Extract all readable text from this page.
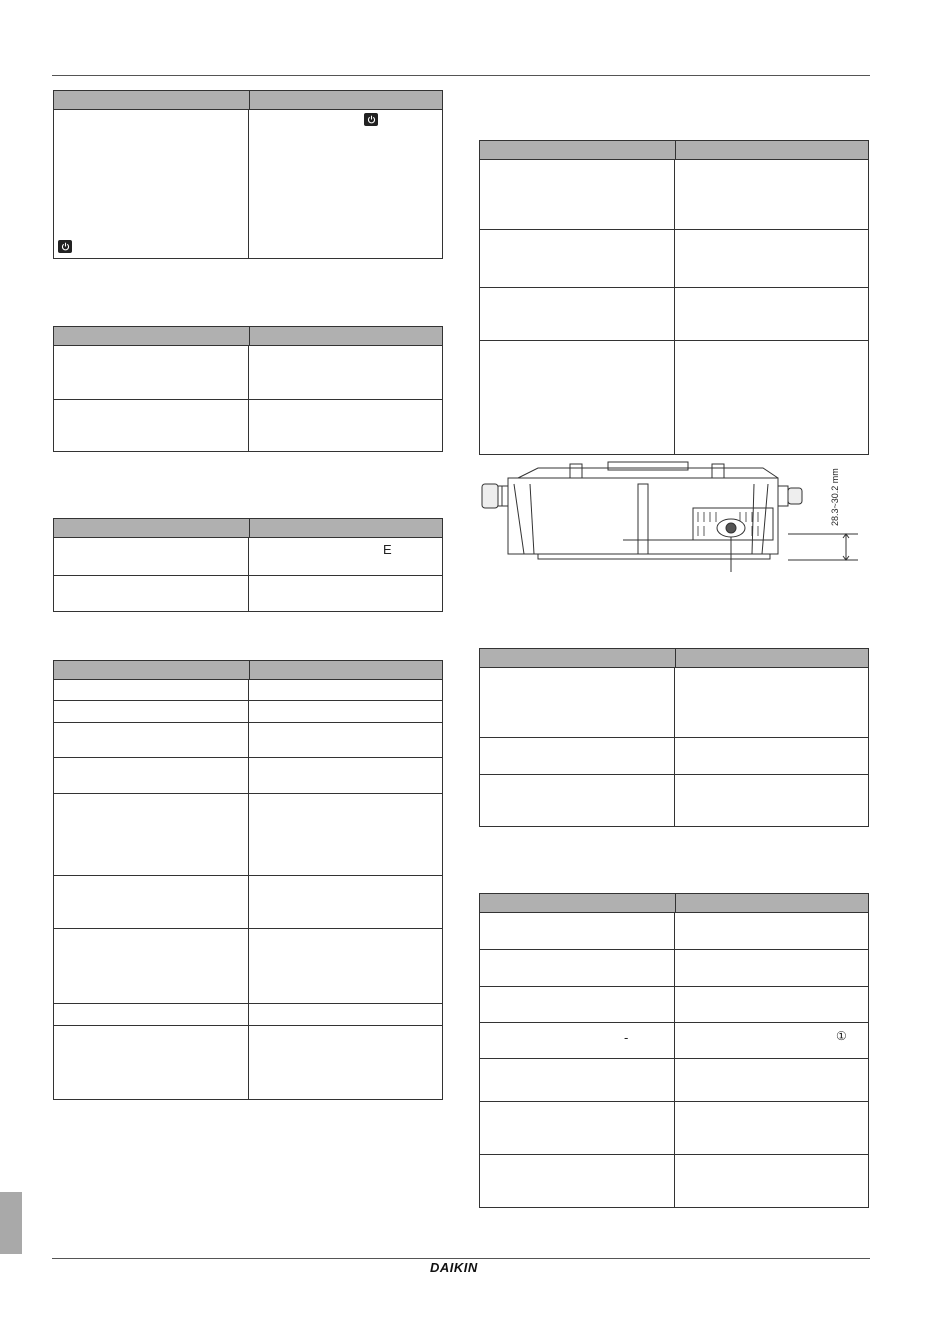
E
-	①
28.3~30.2 mm
DAIKIN
